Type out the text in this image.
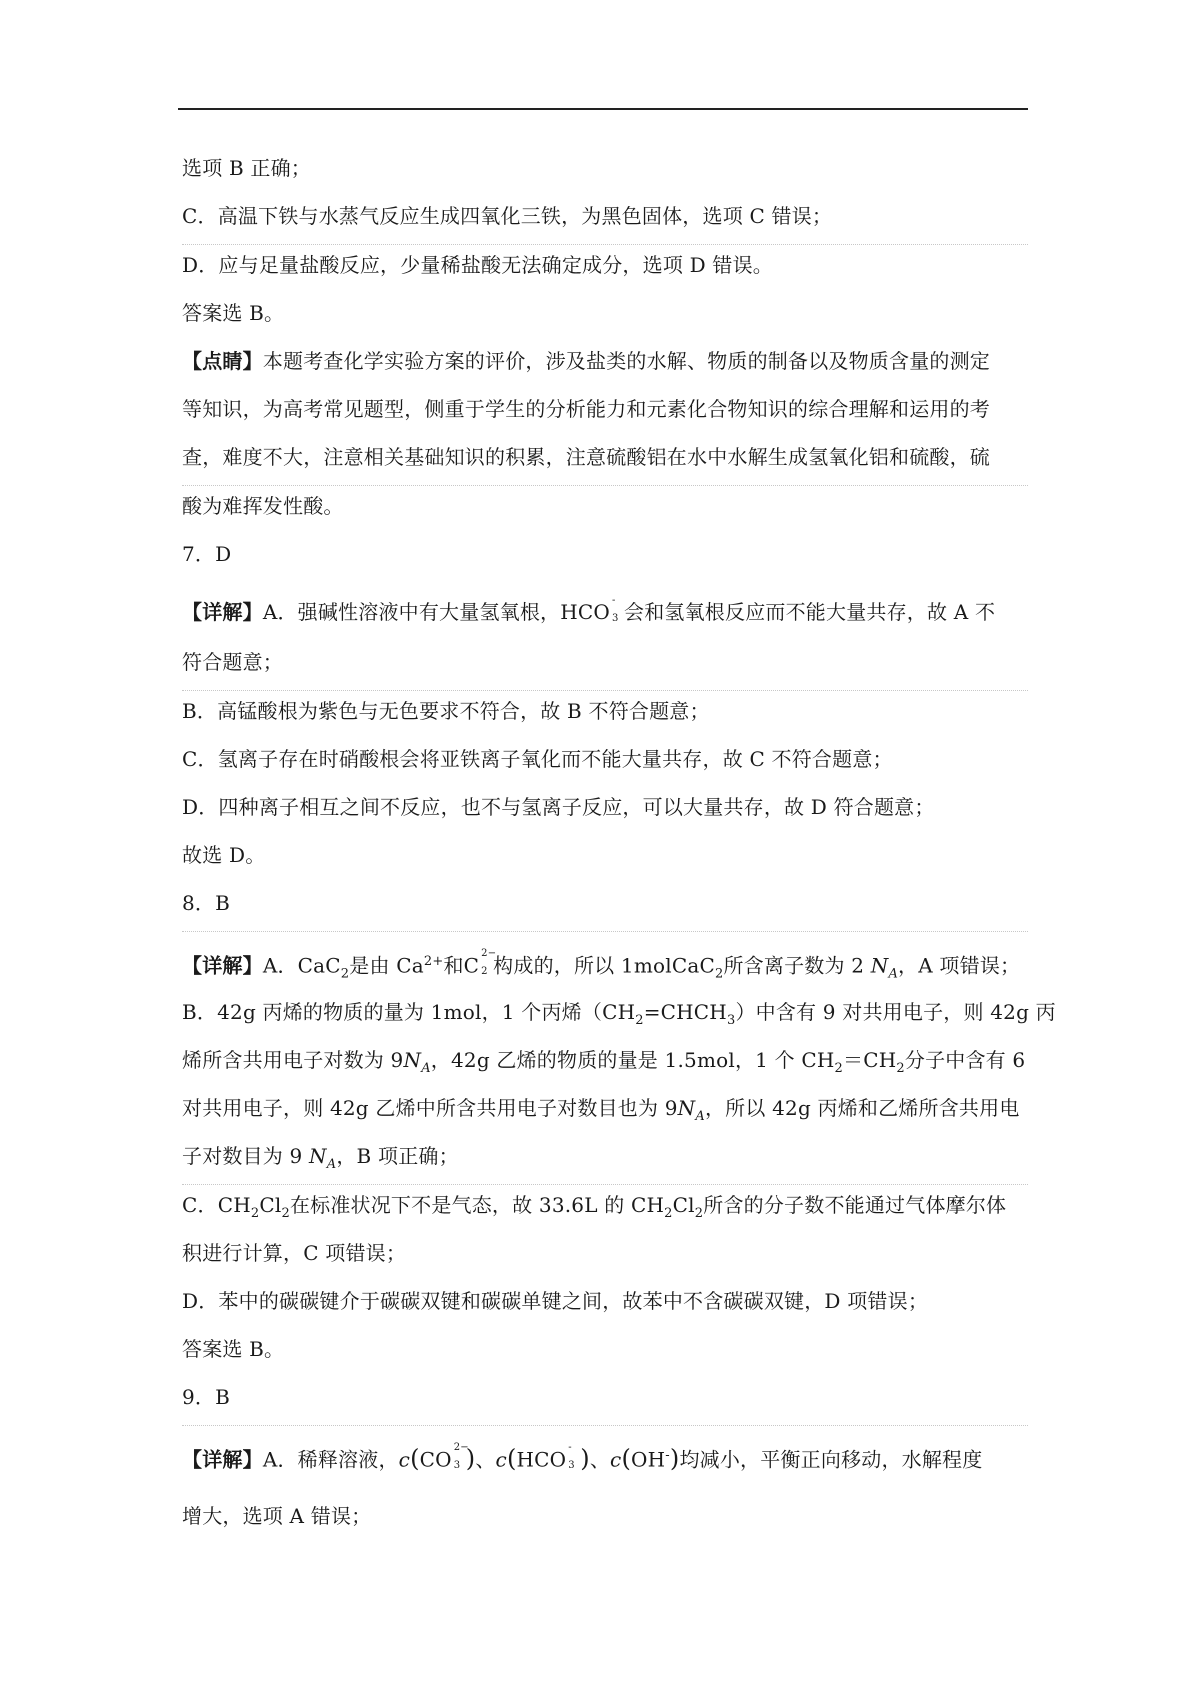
选项 B 正确；
C．高温下铁与水蒸气反应生成四氧化三铁，为黑色固体，选项 C 错误；
D．应与足量盐酸反应，少量稀盐酸无法确定成分，选项 D 错误。
答案选 B。
【点睛】本题考查化学实验方案的评价，涉及盐类的水解、物质的制备以及物质含量的测定
等知识，为高考常见题型，侧重于学生的分析能力和元素化合物知识的综合理解和运用的考
查，难度不大，注意相关基础知识的积累，注意硫酸铝在水中水解生成氢氧化铝和硫酸，硫
酸为难挥发性酸。
7．D
【详解】A．强碱性溶液中有大量氢氧根，HCO -
3 会和氢氧根反应而不能大量共存，故 A 不
符合题意；
B．高锰酸根为紫色与无色要求不符合，故 B 不符合题意；
C．氢离子存在时硝酸根会将亚铁离子氧化而不能大量共存，故 C 不符合题意；
D．四种离子相互之间不反应，也不与氢离子反应，可以大量共存，故 D 符合题意；
故选 D。
8．B
【详解】A．CaC$_2$是由 $Ca^{2+}$和C 2−
2 构成的，所以 1molCaC$_2$所含离子数为 2 $N_A$，A 项错误；
B．42g 丙烯的物质的量为 1mol，1 个丙烯$(CH_2=CHCH_3)$中含有 9 对共用电子，则 42g 丙
烯所含共用电子对数为 $9N_A$，42g 乙烯的物质的量是 1.5mol，1 个 $CH_2=CH_2$分子中含有 6
对共用电子，则 42g 乙烯中所含共用电子对数目也为 $9N_A$，所以 42g 丙烯和乙烯所含共用电
子对数目为 9 $N_A$，B 项正确；
C．$CH_2Cl_2$在标准状况下不是气态，故 33.6L 的 $CH_2Cl_2$所含的分子数不能通过气体摩尔体
积进行计算，C 项错误；
D．苯中的碳碳键介于碳碳双键和碳碳单键之间，故苯中不含碳碳双键，D 项错误；
答案选 B。
9．B
【详解】A．稀释溶液，c(CO 2−
3 )、c(HCO -
3 )、c(OH-)均减小，平衡正向移动，水解程度
增大，选项 A 错误；
